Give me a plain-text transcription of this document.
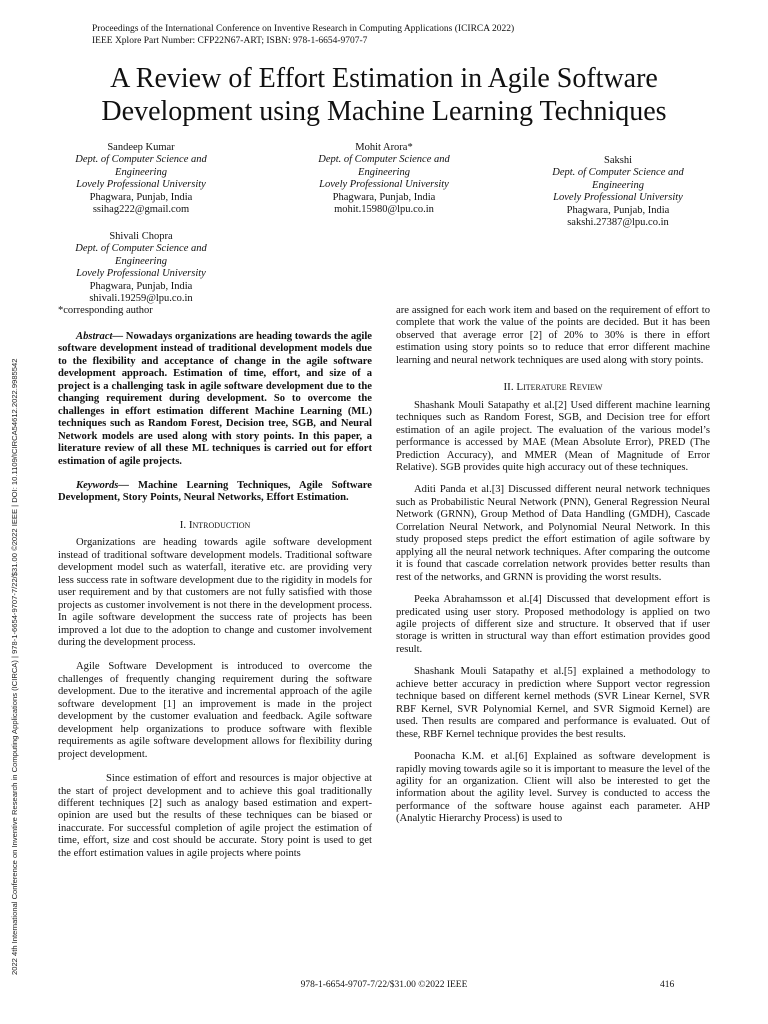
Proceedings of the International Conference on Inventive Research in Computing Applications (ICIRCA 2022)
IEEE Xplore Part Number: CFP22N67-ART; ISBN: 978-1-6654-9707-7
A Review of Effort Estimation in Agile Software
Development using Machine Learning Techniques
Sandeep Kumar
Dept. of Computer Science and
Engineering
Lovely Professional University
Phagwara, Punjab, India
ssihag222@gmail.com
Mohit Arora*
Dept. of Computer Science and
Engineering
Lovely Professional University
Phagwara, Punjab, India
mohit.15980@lpu.co.in
Sakshi
Dept. of Computer Science and
Engineering
Lovely Professional University
Phagwara, Punjab, India
sakshi.27387@lpu.co.in
Shivali Chopra
Dept. of Computer Science and
Engineering
Lovely Professional University
Phagwara, Punjab, India
shivali.19259@lpu.co.in
*corresponding author
2022 4th International Conference on Inventive Research in Computing Applications (ICIRCA) | 978-1-6654-9707-7/22/$31.00 ©2022 IEEE | DOI: 10.1109/ICIRCA54612.2022.9985542

Abstract— Nowadays organizations are heading towards the agile software development instead of traditional development models due to the flexibility and acceptance of change in the agile software development approach. Estimation of time, effort, and size of a project is a challenging task in agile software development due to the changing requirement during development. So to overcome the challenges in effort estimation different Machine Learning (ML) techniques such as Random Forest, Decision tree, SGB, and Neural Network models are used along with story points. In this paper, a literature review of all these ML techniques is carried out for effort estimation of agile projects.

Keywords— Machine Learning Techniques, Agile Software Development, Story Points, Neural Networks, Effort Estimation.

I. Introduction

Organizations are heading towards agile software development instead of traditional software development models. Traditional software development model such as waterfall, iterative etc. are providing very less success rate in software development due to the rigidity in models for user requirement and by that customers are not fully satisfied with those projects as customer involvement is not there in the development process. In agile software development the success rate of projects has been improved a lot due to the adoption to change and customer involvement during the development process.

Agile Software Development is introduced to overcome the challenges of frequently changing requirement during the software development. Due to the iterative and incremental approach of the agile software development [1] an improvement is made in the project development by the customer evaluation and feedback. Agile software development help organizations to produce software with flexible requirements as agile software development allows for flexibility during project development.

Since estimation of effort and resources is major objective at the start of project development and to achieve this goal traditionally different techniques [2] such as analogy based estimation and expert-opinion are used but the results of these techniques can be biased or inaccurate. For successful completion of agile project the estimation of time, effort, size and cost should be accurate. Story point is used to get the effort estimation values in agile projects where points

are assigned for each work item and based on the requirement of effort to complete that work the value of the points are decided. But it has been observed that average error [2] of 20% to 30% is there in effort estimation using story points so to reduce that error different machine learning and neural network techniques are used along with story points.

II. Literature Review

Shashank Mouli Satapathy et al.[2] Used different machine learning techniques such as Random Forest, SGB, and Decision tree for effort estimation of an agile project. The evaluation of the various model’s performance is accessed by MAE (Mean Absolute Error), PRED (The Prediction Accuracy), and MMER (Mean of Magnitude of Error Relative). SGB provides quite high accuracy out of these techniques.

Aditi Panda et al.[3] Discussed different neural network techniques such as Probabilistic Neural Network (PNN), General Regression Neural Network (GRNN), Group Method of Data Handling (GMDH), Cascade Correlation Neural Network, and Polynomial Neural Network. In this study proposed steps predict the effort estimation of agile software by applying all the neural network techniques. After comparing the outcome it is found that cascade correlation network provides better results than rest of the networks, and GRNN is providing the worst results.

Peeka Abrahamsson et al.[4] Discussed that development effort is predicated using user story. Proposed methodology is applied on two agile projects of different size and structure. It observed that if user storage is written in structural way than effort estimation provides good result.

Shashank Mouli Satapathy et al.[5] explained a methodology to achieve better accuracy in prediction where Support vector regression technique based on different kernel methods (SVR Linear Kernel, SVR RBF Kernel, SVR Polynomial Kernel, and SVR Sigmoid Kernel) are used. Then results are compared and performance is evaluated. Out of these, RBF Kernel technique provides the best results.

Poonacha K.M. et al.[6] Explained as software development is rapidly moving towards agile so it is important to measure the level of the agility for an organization. Client will also be interested to get the information about the agility level. Survey is conducted to access the performance of the software house against each parameter. AHP (Analytic Hierarchy Process) is used to

978-1-6654-9707-7/22/$31.00 ©2022 IEEE	416
